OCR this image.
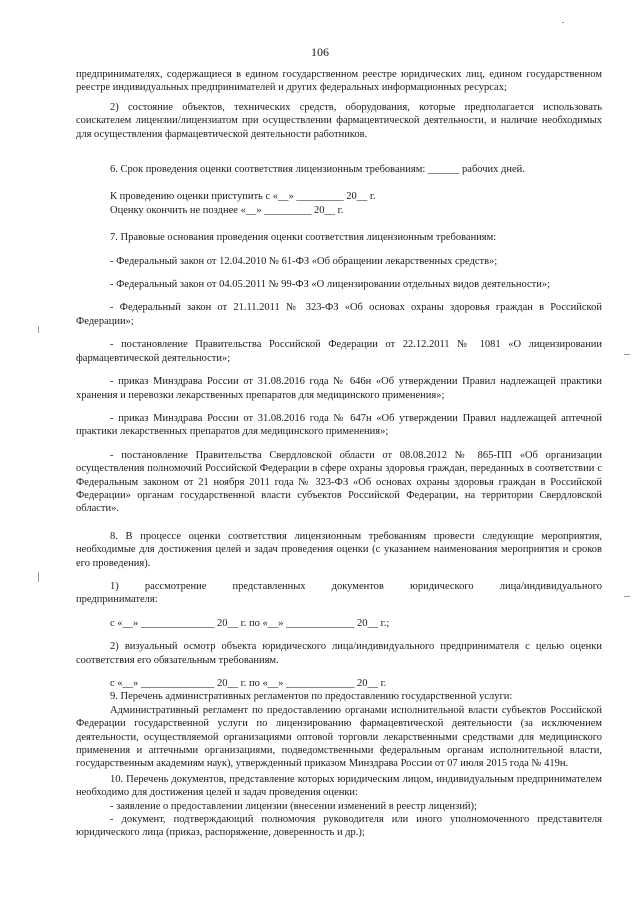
106

предпринимателях, содержащиеся в едином государственном реестре юридических лиц, едином государственном реестре индивидуальных предпринимателей и других федеральных информационных ресурсах;

2) состояние объектов, технических средств, оборудования, которые предполагается использовать соискателем лицензии/лицензиатом при осуществлении фармацевтической деятельности, и наличие необходимых для осуществления фармацевтической деятельности работников.

6. Срок проведения оценки соответствия лицензионным требованиям: ______ рабочих дней.

К проведению оценки приступить с «__» _________ 20__ г.

Оценку окончить не позднее «__» _________ 20__ г.

7. Правовые основания проведения оценки соответствия лицензионным требованиям:

- Федеральный закон от 12.04.2010 № 61-ФЗ «Об обращении лекарственных средств»;

- Федеральный закон от 04.05.2011 № 99-ФЗ «О лицензировании отдельных видов деятельности»;

- Федеральный закон от 21.11.2011 № 323-ФЗ «Об основах охраны здоровья граждан в Российской Федерации»;

- постановление Правительства Российской Федерации от 22.12.2011 № 1081 «О лицензировании фармацевтической деятельности»;

- приказ Минздрава России от 31.08.2016 года № 646н «Об утверждении Правил надлежащей практики хранения и перевозки лекарственных препаратов для медицинского применения»;

- приказ Минздрава России от 31.08.2016 года № 647н «Об утверждении Правил надлежащей аптечной практики лекарственных препаратов для медицинского применения»;

- постановление Правительства Свердловской области от 08.08.2012 № 865-ПП «Об организации осуществления полномочий Российской Федерации в сфере охраны здоровья граждан, переданных в соответствии с Федеральным законом от 21 ноября 2011 года № 323-ФЗ «Об основах охраны здоровья граждан в Российской Федерации» органам государственной власти субъектов Российской Федерации, на территории Свердловской области».

8. В процессе оценки соответствия лицензионным требованиям провести следующие мероприятия, необходимые для достижения целей и задач проведения оценки (с указанием наименования мероприятия и сроков его проведения).

1) рассмотрение представленных документов юридического лица/индивидуального

предпринимателя:

с «__» ______________ 20__ г. по «__» _____________ 20__ г.;

2) визуальный осмотр объекта юридического лица/индивидуального предпринимателя с целью оценки соответствия его обязательным требованиям.

с «__» ______________ 20__ г. по «__» _____________ 20__ г.

9. Перечень административных регламентов по предоставлению государственной услуги:

Административный регламент по предоставлению органами исполнительной власти субъектов Российской Федерации государственной услуги по лицензированию фармацевтической деятельности (за исключением деятельности, осуществляемой организациями оптовой торговли лекарственными средствами для медицинского применения и аптечными организациями, подведомственными федеральным органам исполнительной власти, государственным академиям наук), утвержденный приказом Минздрава России от 07 июля 2015 года № 419н.

10. Перечень документов, представление которых юридическим лицом, индивидуальным предпринимателем необходимо для достижения целей и задач проведения оценки:

- заявление о предоставлении лицензии (внесении изменений в реестр лицензий);

- документ, подтверждающий полномочия руководителя или иного уполномоченного представителя юридического лица (приказ, распоряжение, доверенность и др.);
